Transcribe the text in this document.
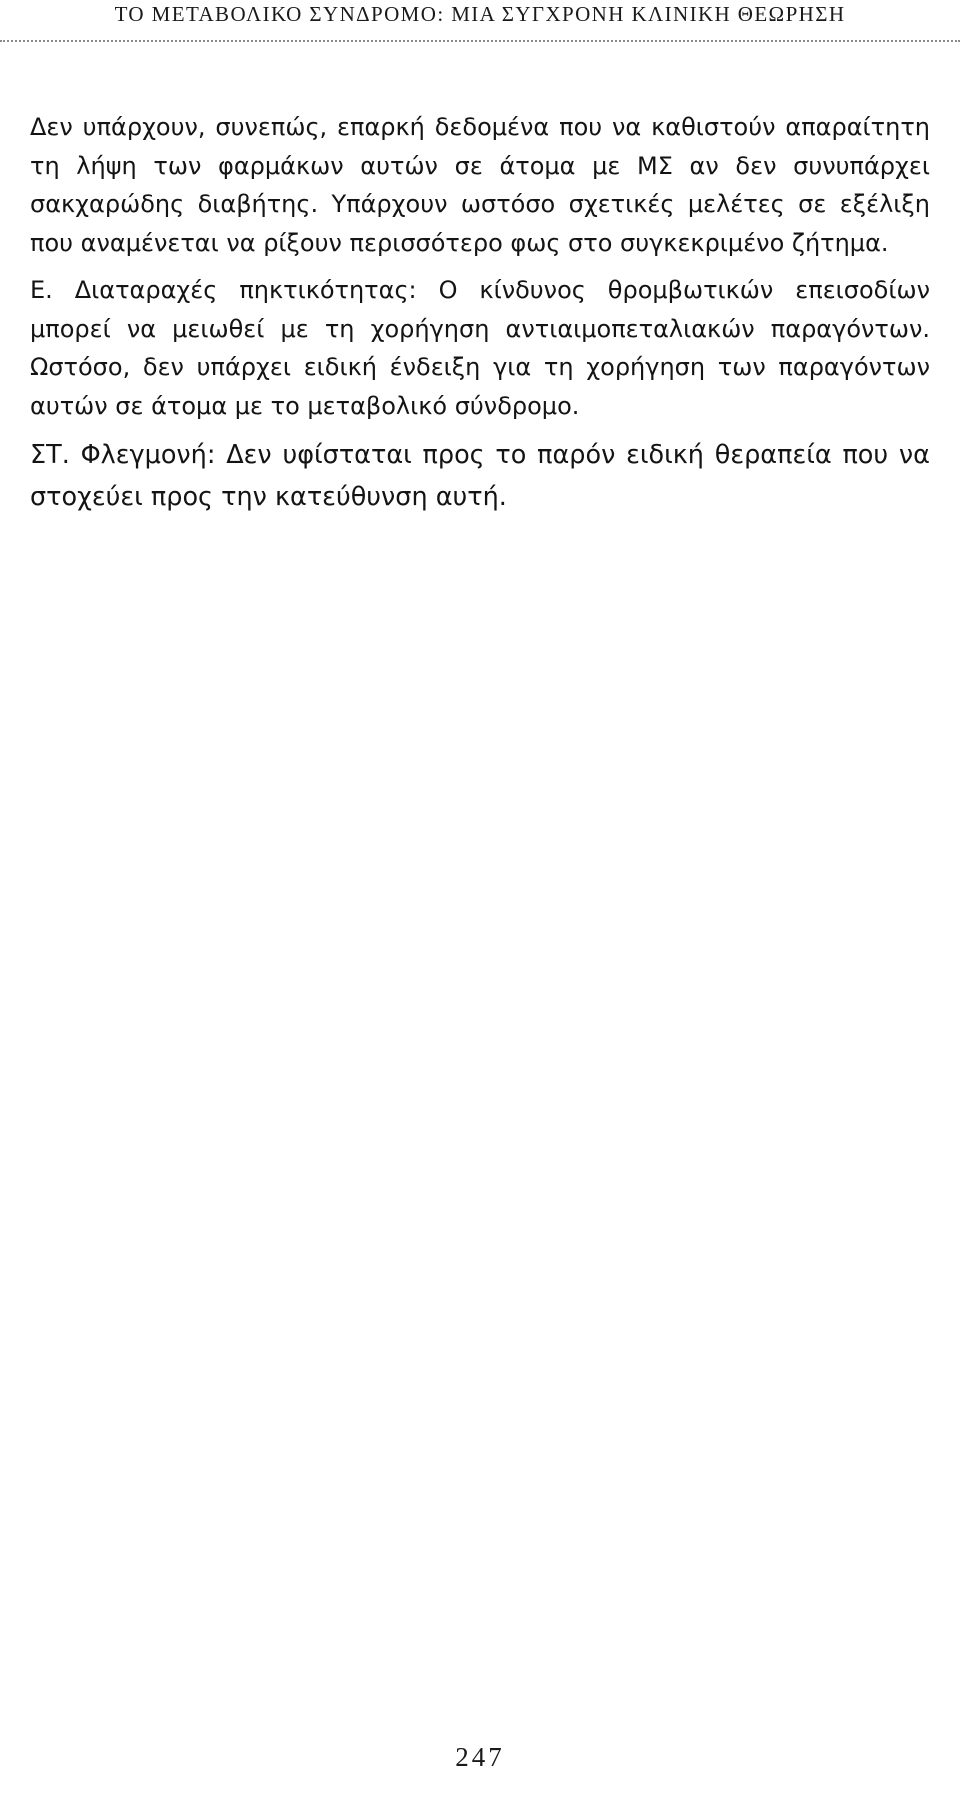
ΤΟ ΜΕΤΑΒΟΛΙΚΟ ΣΥΝΔΡΟΜΟ: ΜΙΑ ΣΥΓΧΡΟΝΗ ΚΛΙΝΙΚΗ ΘΕΩΡΗΣΗ

Δεν υπάρχουν, συνεπώς, επαρκή δεδομένα που να καθιστούν απαραίτητη τη λήψη των φαρμάκων αυτών σε άτομα με ΜΣ αν δεν συνυπάρχει σακχαρώδης διαβήτης. Υπάρχουν ωστόσο σχετικές μελέτες σε εξέλιξη που αναμένεται να ρίξουν περισσότερο φως στο συγκεκριμένο ζήτημα.

Ε. Διαταραχές πηκτικότητας: Ο κίνδυνος θρομβωτικών επεισοδίων μπορεί να μειωθεί με τη χορήγηση αντιαιμοπεταλιακών παραγόντων. Ωστόσο, δεν υπάρχει ειδική ένδειξη για τη χορήγηση των παραγόντων αυτών σε άτομα με το μεταβολικό σύνδρομο.

ΣΤ. Φλεγμονή: Δεν υφίσταται προς το παρόν ειδική θεραπεία που να στοχεύει προς την κατεύθυνση αυτή.

247
